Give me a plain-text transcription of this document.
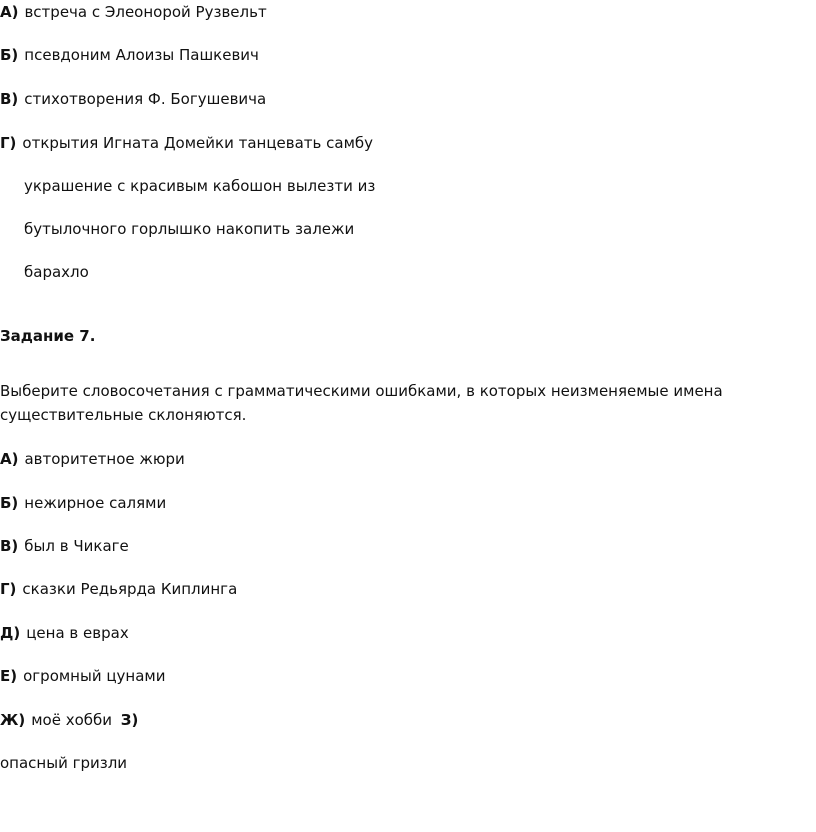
А) встреча с Элеонорой Рузвельт
Б) псевдоним Алоизы Пашкевич
В) стихотворения Ф. Богушевича
Г) открытия Игната Домейки танцевать самбу
украшение с красивым кабошон вылезти из
бутылочного горлышко накопить залежи
барахло
Задание 7.
Выберите словосочетания с грамматическими ошибками, в которых неизменяемые имена
существительные склоняются.
А) авторитетное жюри
Б) нежирное салями
В) был в Чикаге
Г) сказки Редьярда Киплинга
Д) цена в еврах
Е) огромный цунами
Ж) моё хобби З)
опасный гризли
